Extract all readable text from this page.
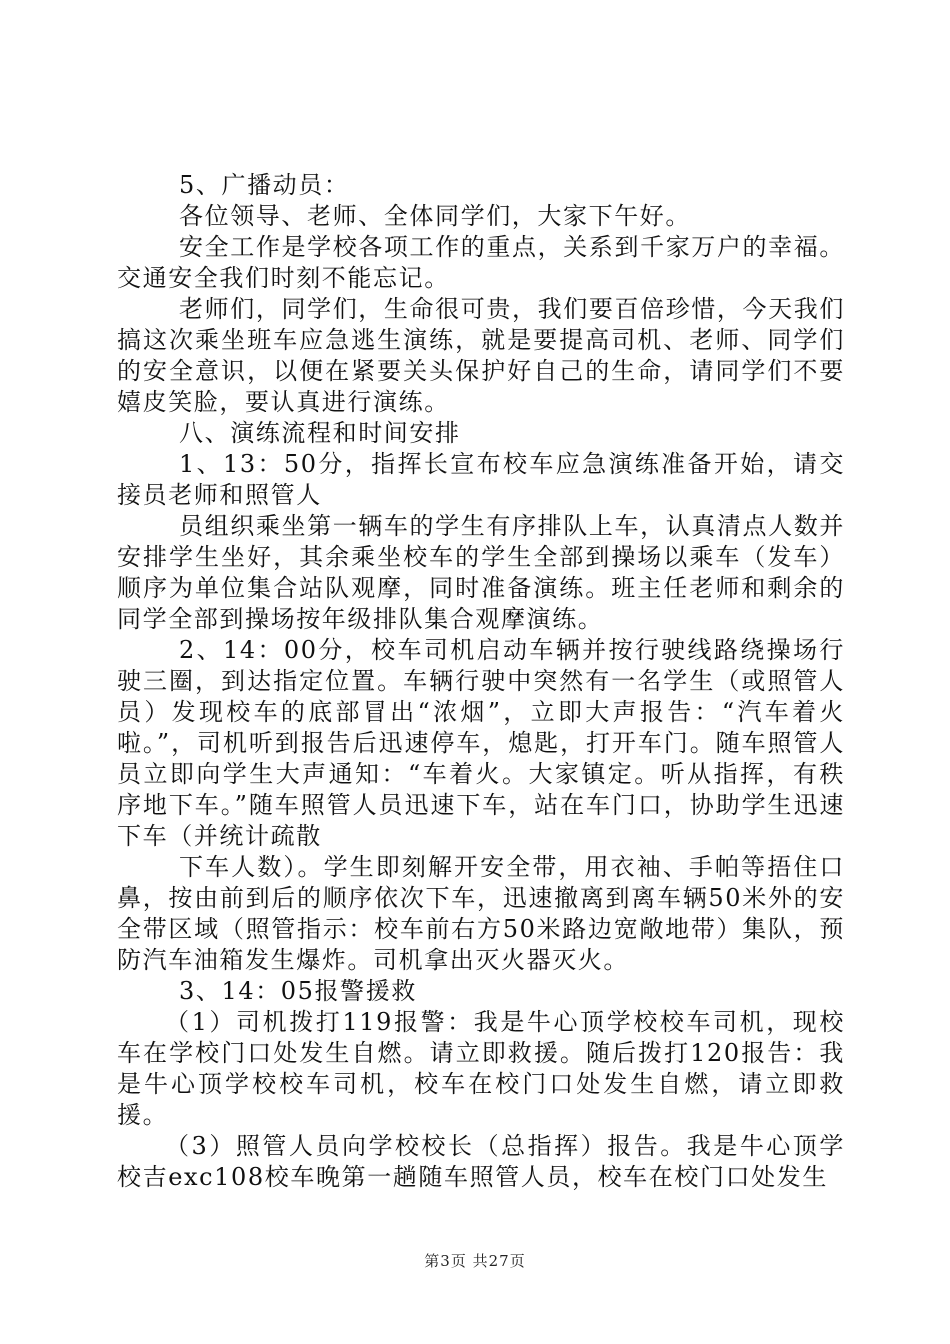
5、广播动员：

各位领导、老师、全体同学们，大家下午好。

安全工作是学校各项工作的重点，关系到千家万户的幸福。交通安全我们时刻不能忘记。

老师们，同学们，生命很可贵，我们要百倍珍惜，今天我们搞这次乘坐班车应急逃生演练，就是要提高司机、老师、同学们的安全意识，以便在紧要关头保护好自己的生命，请同学们不要嬉皮笑脸，要认真进行演练。

八、演练流程和时间安排

1、13：50分，指挥长宣布校车应急演练准备开始，请交接员老师和照管人

员组织乘坐第一辆车的学生有序排队上车，认真清点人数并安排学生坐好，其余乘坐校车的学生全部到操场以乘车（发车）顺序为单位集合站队观摩，同时准备演练。班主任老师和剩余的同学全部到操场按年级排队集合观摩演练。

2、14：00分，校车司机启动车辆并按行驶线路绕操场行驶三圈，到达指定位置。车辆行驶中突然有一名学生（或照管人员）发现校车的底部冒出“浓烟”，立即大声报告：“汽车着火啦。”，司机听到报告后迅速停车，熄匙，打开车门。随车照管人员立即向学生大声通知：“车着火。大家镇定。听从指挥，有秩序地下车。”随车照管人员迅速下车，站在车门口，协助学生迅速下车（并统计疏散

下车人数）。学生即刻解开安全带，用衣袖、手帕等捂住口鼻，按由前到后的顺序依次下车，迅速撤离到离车辆50米外的安全带区域（照管指示：校车前右方50米路边宽敞地带）集队，预防汽车油箱发生爆炸。司机拿出灭火器灭火。

3、14：05报警援救

（1）司机拨打119报警：我是牛心顶学校校车司机，现校车在学校门口处发生自燃。请立即救援。随后拨打120报告：我是牛心顶学校校车司机，校车在校门口处发生自燃，请立即救援。

（3）照管人员向学校校长（总指挥）报告。我是牛心顶学校吉exc108校车晚第一趟随车照管人员，校车在校门口处发生

第3页 共27页
